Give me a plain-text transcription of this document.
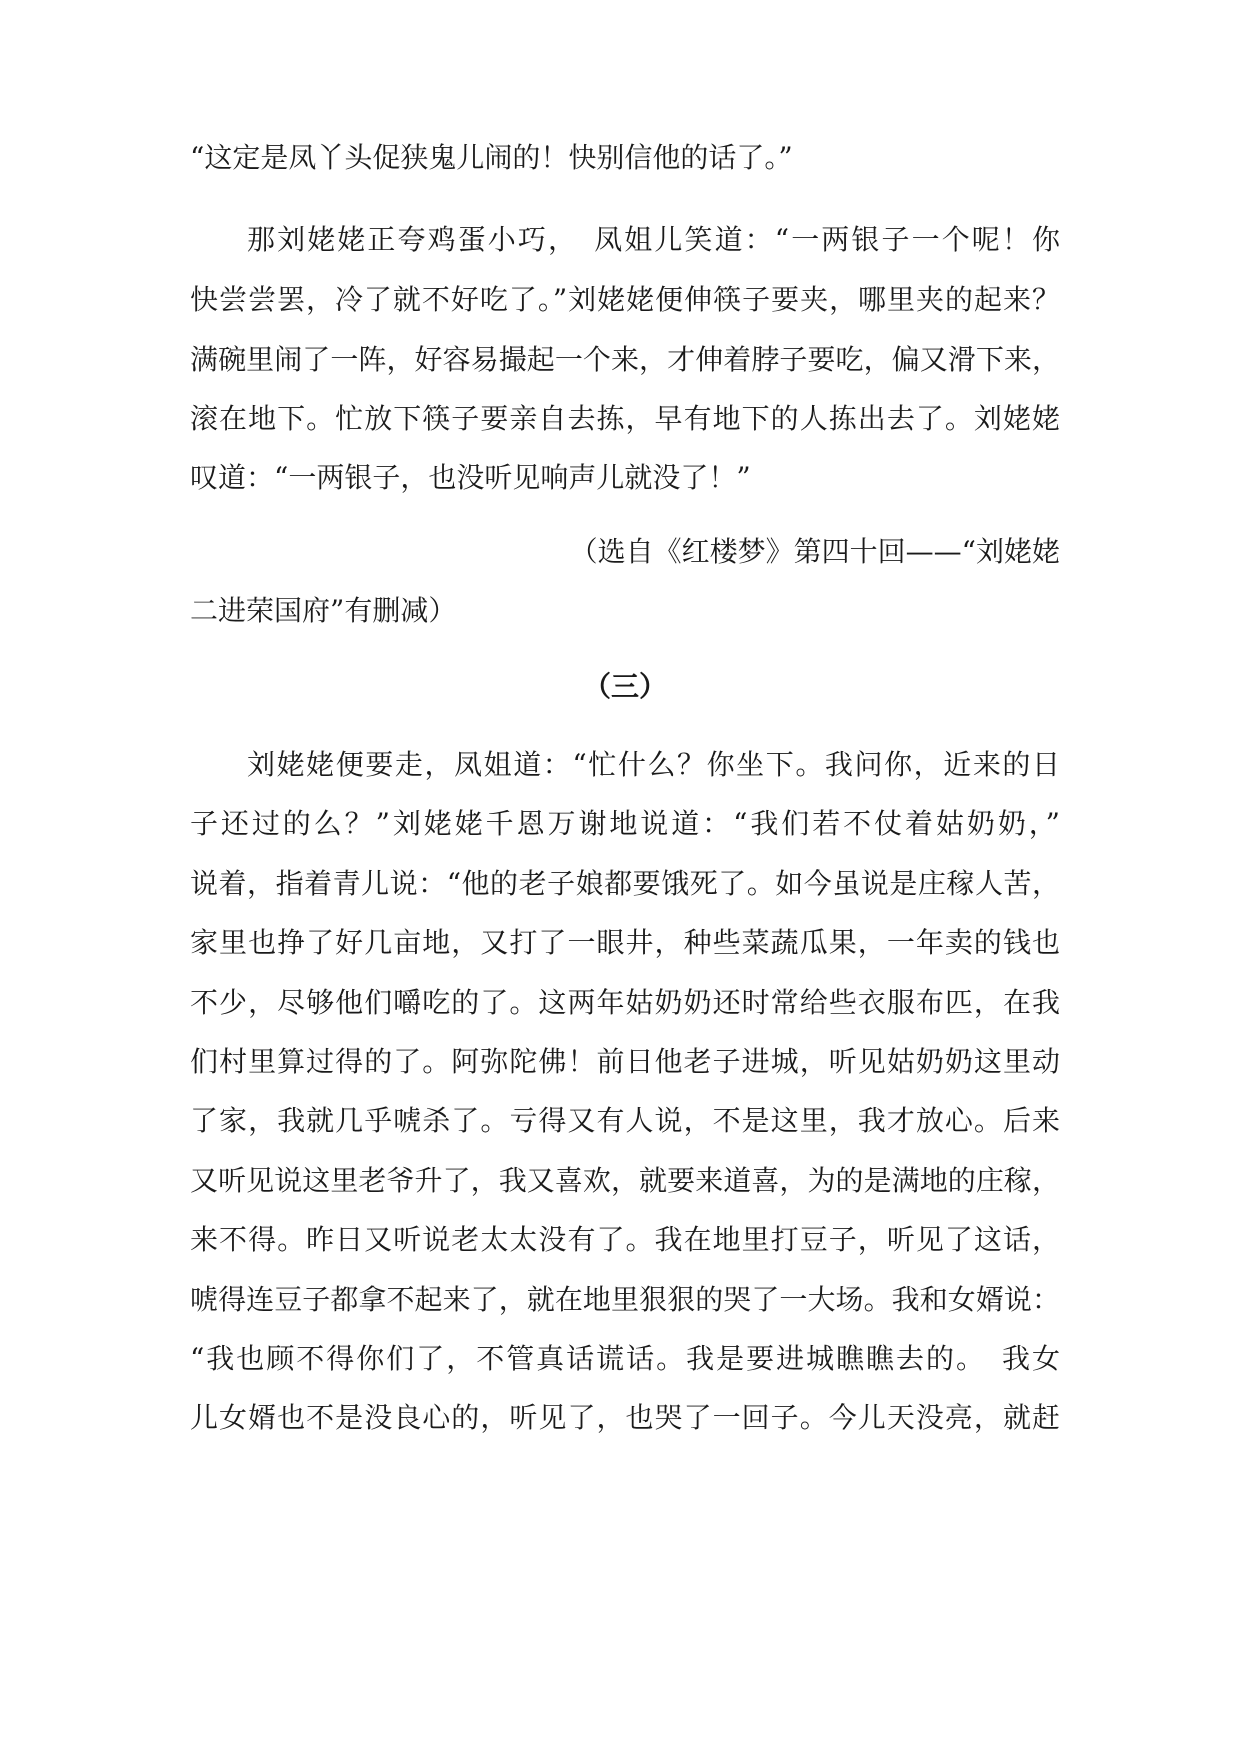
“这定是凤丫头促狭鬼儿闹的！快别信他的话了。”
那刘姥姥正夸鸡蛋小巧，　凤姐儿笑道：“一两银子一个呢！你
快尝尝罢，冷了就不好吃了。”刘姥姥便伸筷子要夹，哪里夹的起来？
满碗里闹了一阵，好容易撮起一个来，才伸着脖子要吃，偏又滑下来，
滚在地下。忙放下筷子要亲自去拣，早有地下的人拣出去了。刘姥姥
叹道：“一两银子，也没听见响声儿就没了！”
（选自《红楼梦》第四十回——“刘姥姥
二进荣国府”有删减）
（三）
刘姥姥便要走，凤姐道：“忙什么？你坐下。我问你，近来的日
子还过的么？”刘姥姥千恩万谢地说道：“我们若不仗着姑奶奶，”
说着，指着青儿说：“他的老子娘都要饿死了。如今虽说是庄稼人苦，
家里也挣了好几亩地，又打了一眼井，种些菜蔬瓜果，一年卖的钱也
不少，尽够他们嚼吃的了。这两年姑奶奶还时常给些衣服布匹，在我
们村里算过得的了。阿弥陀佛！前日他老子进城，听见姑奶奶这里动
了家，我就几乎唬杀了。亏得又有人说，不是这里，我才放心。后来
又听见说这里老爷升了，我又喜欢，就要来道喜，为的是满地的庄稼，
来不得。昨日又听说老太太没有了。我在地里打豆子，听见了这话，
唬得连豆子都拿不起来了，就在地里狠狠的哭了一大场。我和女婿说：
“我也顾不得你们了，不管真话谎话。我是要进城瞧瞧去的。　我女
儿女婿也不是没良心的，听见了，也哭了一回子。今儿天没亮，就赶
